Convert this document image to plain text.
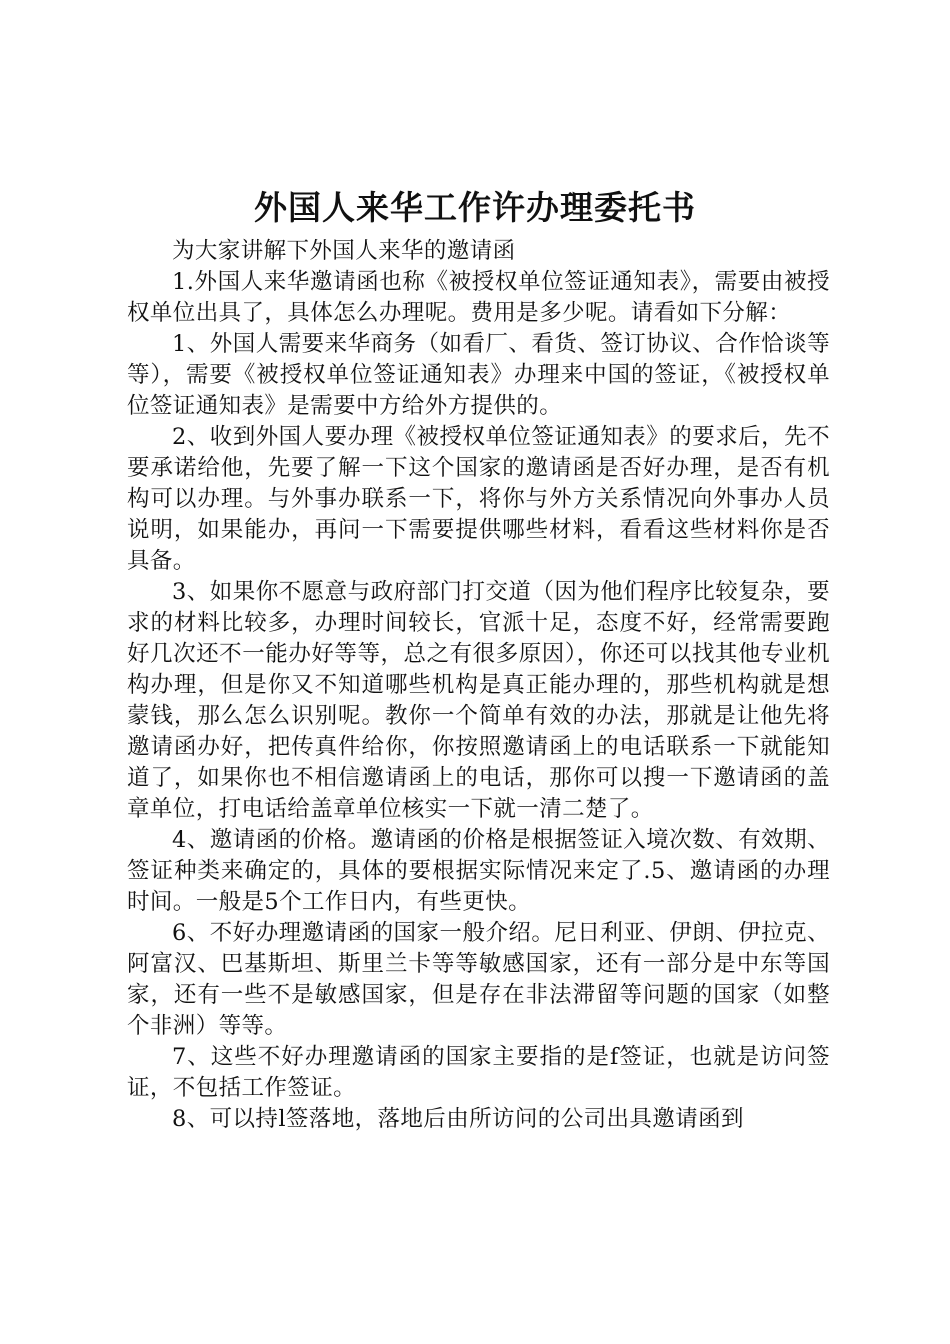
外国人来华工作许办理委托书

为大家讲解下外国人来华的邀请函

1.外国人来华邀请函也称《被授权单位签证通知表》，需要由被授权单位出具了，具体怎么办理呢。费用是多少呢。请看如下分解：

1、外国人需要来华商务（如看厂、看货、签订协议、合作恰谈等等），需要《被授权单位签证通知表》办理来中国的签证，《被授权单位签证通知表》是需要中方给外方提供的。

2、收到外国人要办理《被授权单位签证通知表》的要求后，先不要承诺给他，先要了解一下这个国家的邀请函是否好办理，是否有机构可以办理。与外事办联系一下，将你与外方关系情况向外事办人员说明，如果能办，再问一下需要提供哪些材料，看看这些材料你是否具备。

3、如果你不愿意与政府部门打交道（因为他们程序比较复杂，要求的材料比较多，办理时间较长，官派十足，态度不好，经常需要跑好几次还不一能办好等等，总之有很多原因），你还可以找其他专业机构办理，但是你又不知道哪些机构是真正能办理的，那些机构就是想蒙钱，那么怎么识别呢。教你一个简单有效的办法，那就是让他先将邀请函办好，把传真件给你，你按照邀请函上的电话联系一下就能知道了，如果你也不相信邀请函上的电话，那你可以搜一下邀请函的盖章单位，打电话给盖章单位核实一下就一清二楚了。

4、邀请函的价格。邀请函的价格是根据签证入境次数、有效期、签证种类来确定的，具体的要根据实际情况来定了.5、邀请函的办理时间。一般是5个工作日内，有些更快。

6、不好办理邀请函的国家一般介绍。尼日利亚、伊朗、伊拉克、阿富汉、巴基斯坦、斯里兰卡等等敏感国家，还有一部分是中东等国家，还有一些不是敏感国家，但是存在非法滞留等问题的国家（如整个非洲）等等。

7、这些不好办理邀请函的国家主要指的是f签证，也就是访问签证，不包括工作签证。

8、可以持l签落地，落地后由所访问的公司出具邀请函到
